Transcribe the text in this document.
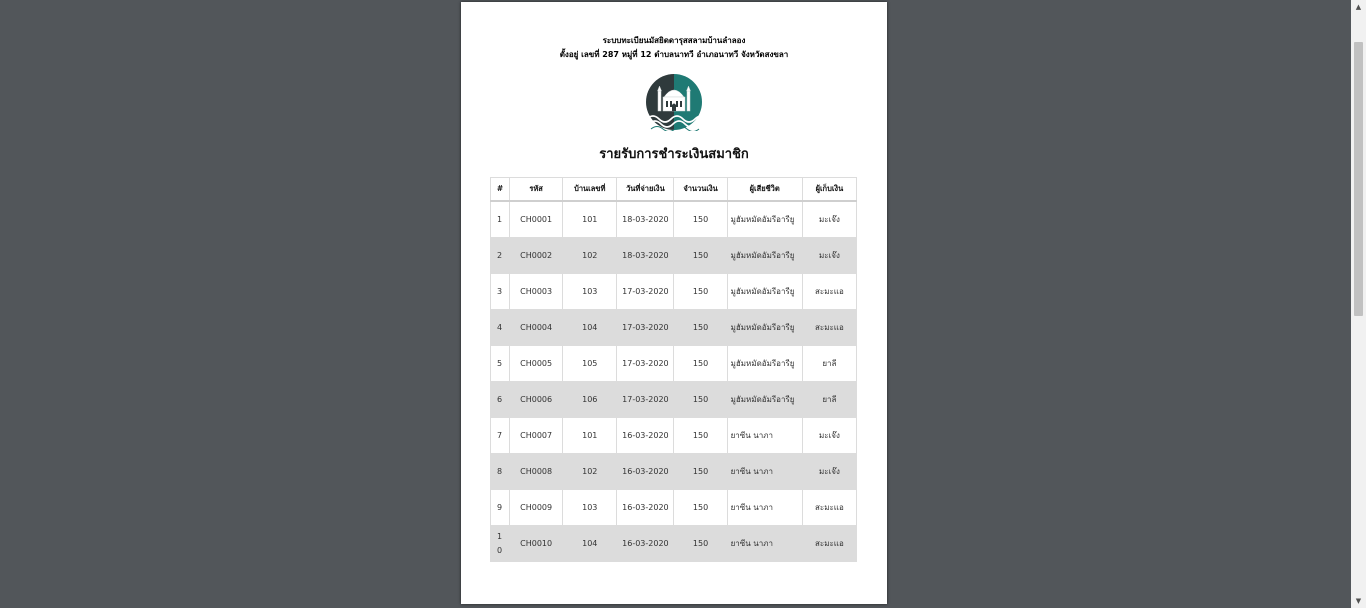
ระบบทะเบียนมัสยิดดารุสสลามบ้านลำลอง
ตั้งอยู่ เลขที่ 287 หมู่ที่ 12 ตำบลนาทวี อำเภอนาทวี จังหวัดสงขลา
รายรับการชำระเงินสมาชิก
#	รหัส	บ้านเลขที่	วันที่จ่ายเงิน	จำนวนเงิน	ผู้เสียชีวิต	ผู้เก็บเงิน
1	CH0001	101	18-03-2020	150	มูฮัมหมัดอัมรีอารียู	มะเจ๊ง
2	CH0002	102	18-03-2020	150	มูฮัมหมัดอัมรีอารียู	มะเจ๊ง
3	CH0003	103	17-03-2020	150	มูฮัมหมัดอัมรีอารียู	สะมะแอ
4	CH0004	104	17-03-2020	150	มูฮัมหมัดอัมรีอารียู	สะมะแอ
5	CH0005	105	17-03-2020	150	มูฮัมหมัดอัมรีอารียู	ยาลี
6	CH0006	106	17-03-2020	150	มูฮัมหมัดอัมรีอารียู	ยาลี
7	CH0007	101	16-03-2020	150	ยาซีน นาภา	มะเจ๊ง
8	CH0008	102	16-03-2020	150	ยาซีน นาภา	มะเจ๊ง
9	CH0009	103	16-03-2020	150	ยาซีน นาภา	สะมะแอ
10	CH0010	104	16-03-2020	150	ยาซีน นาภา	สะมะแอ
▲
▼
